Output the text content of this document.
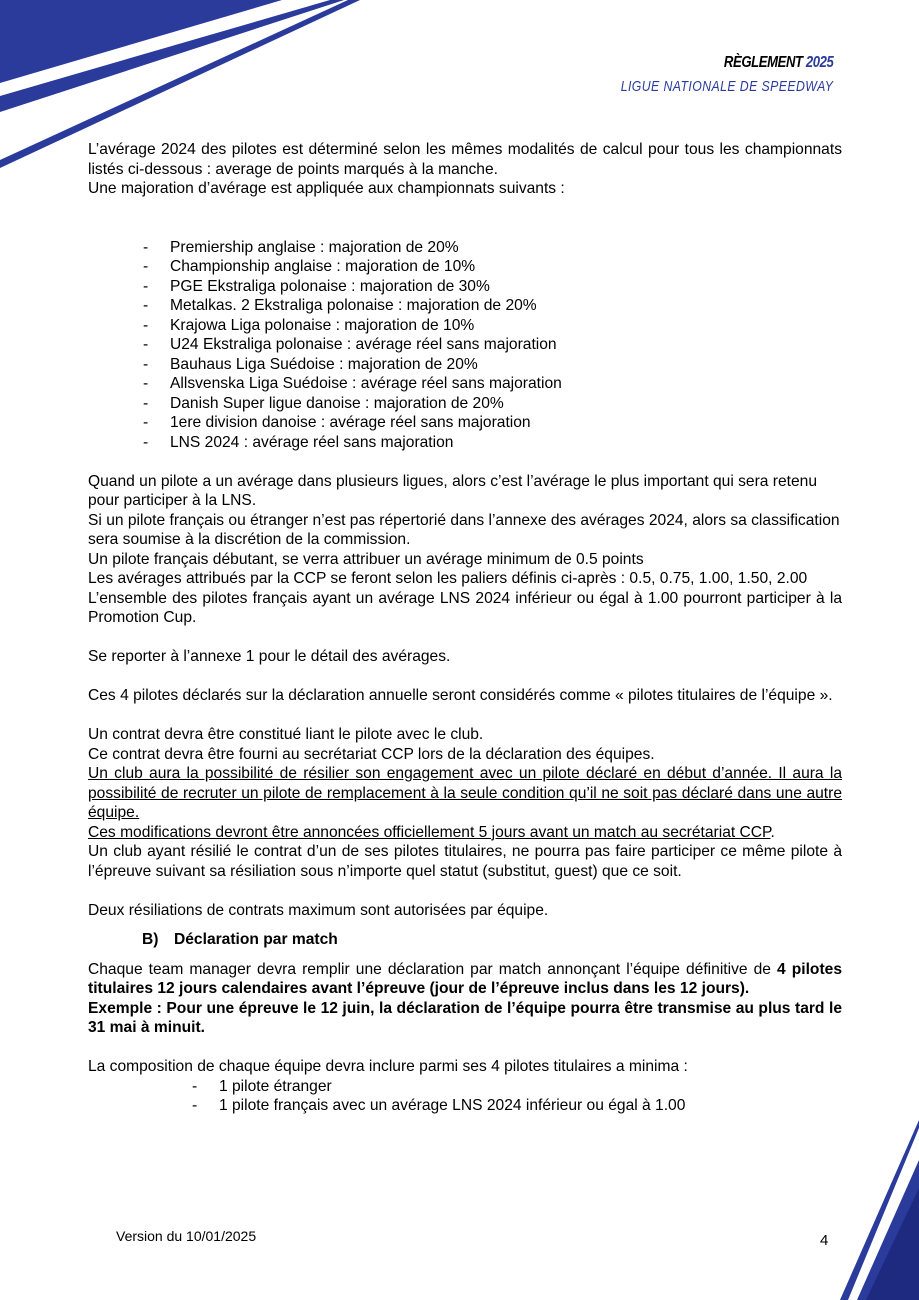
RÈGLEMENT 2025
LIGUE NATIONALE DE SPEEDWAY

L’avérage 2024 des pilotes est déterminé selon les mêmes modalités de calcul pour tous les championnats listés ci-dessous : average de points marqués à la manche.

Une majoration d’avérage est appliquée aux championnats suivants :

- Premiership anglaise : majoration de 20%
- Championship anglaise : majoration de 10%
- PGE Ekstraliga polonaise : majoration de 30%
- Metalkas. 2 Ekstraliga polonaise : majoration de 20%
- Krajowa Liga polonaise : majoration de 10%
- U24 Ekstraliga polonaise : avérage réel sans majoration
- Bauhaus Liga Suédoise : majoration de 20%
- Allsvenska Liga Suédoise : avérage réel sans majoration
- Danish Super ligue danoise : majoration de 20%
- 1ere division danoise : avérage réel sans majoration
- LNS 2024 : avérage réel sans majoration

Quand un pilote a un avérage dans plusieurs ligues, alors c’est l’avérage le plus important qui sera retenu pour participer à la LNS.

Si un pilote français ou étranger n’est pas répertorié dans l’annexe des avérages 2024, alors sa classification sera soumise à la discrétion de la commission.

Un pilote français débutant, se verra attribuer un avérage minimum de 0.5 points

Les avérages attribués par la CCP se feront selon les paliers définis ci-après : 0.5, 0.75, 1.00, 1.50, 2.00

L’ensemble des pilotes français ayant un avérage LNS 2024 inférieur ou égal à 1.00 pourront participer à la Promotion Cup.

Se reporter à l’annexe 1 pour le détail des avérages.

Ces 4 pilotes déclarés sur la déclaration annuelle seront considérés comme « pilotes titulaires de l’équipe ».

Un contrat devra être constitué liant le pilote avec le club.

Ce contrat devra être fourni au secrétariat CCP lors de la déclaration des équipes.

Un club aura la possibilité de résilier son engagement avec un pilote déclaré en début d’année. Il aura la possibilité de recruter un pilote de remplacement à la seule condition qu’il ne soit pas déclaré dans une autre équipe.

Ces modifications devront être annoncées officiellement 5 jours avant un match au secrétariat CCP.

Un club ayant résilié le contrat d’un de ses pilotes titulaires, ne pourra pas faire participer ce même pilote à l’épreuve suivant sa résiliation sous n’importe quel statut (substitut, guest) que ce soit.

Deux résiliations de contrats maximum sont autorisées par équipe.

B) Déclaration par match

Chaque team manager devra remplir une déclaration par match annonçant l’équipe définitive de 4 pilotes titulaires 12 jours calendaires avant l’épreuve (jour de l’épreuve inclus dans les 12 jours).

Exemple : Pour une épreuve le 12 juin, la déclaration de l’équipe pourra être transmise au plus tard le 31 mai à minuit.

La composition de chaque équipe devra inclure parmi ses 4 pilotes titulaires a minima :

- 1 pilote étranger
- 1 pilote français avec un avérage LNS 2024 inférieur ou égal à 1.00
Version du 10/01/2025	4
